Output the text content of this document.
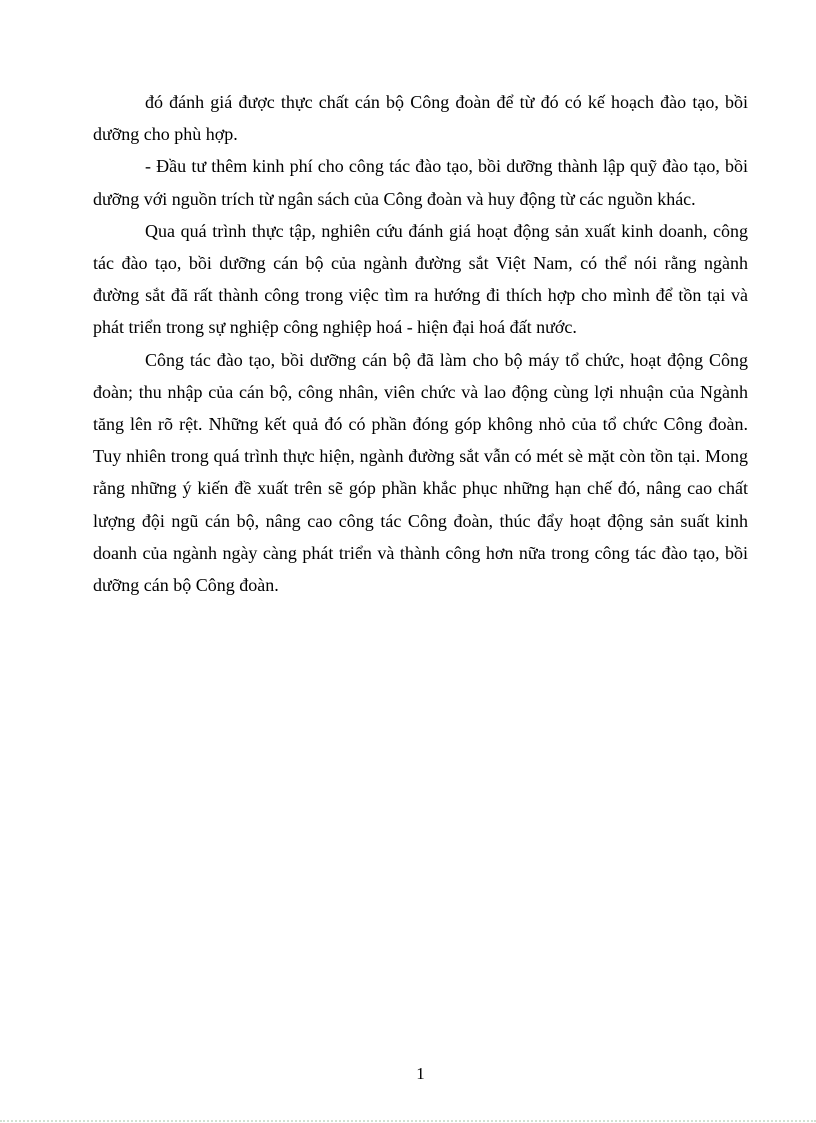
đó đánh giá được thực chất cán bộ Công đoàn để từ đó có kế hoạch đào tạo, bồi dưỡng cho phù hợp.

- Đầu tư thêm kinh phí cho công tác đào tạo, bồi dưỡng thành lập quỹ đào tạo, bồi dưỡng với nguồn trích từ ngân sách của Công đoàn và huy động từ các nguồn khác.

Qua quá trình thực tập, nghiên cứu đánh giá hoạt động sản xuất kinh doanh, công tác đào tạo, bồi dưỡng cán bộ của ngành đường sắt Việt Nam, có thể nói rằng ngành đường sắt đã rất thành công trong việc tìm ra hướng đi thích hợp cho mình để tồn tại và phát triển trong sự nghiệp công nghiệp hoá - hiện đại hoá đất nước.

Công tác đào tạo, bồi dưỡng cán bộ đã làm cho bộ máy tổ chức, hoạt động Công đoàn; thu nhập của cán bộ, công nhân, viên chức và lao động cùng lợi nhuận của Ngành tăng lên rõ rệt. Những kết quả đó có phần đóng góp không nhỏ của tổ chức Công đoàn. Tuy nhiên trong quá trình thực hiện, ngành đường sắt vẫn có mét sè mặt còn tồn tại. Mong rằng những ý kiến đề xuất trên sẽ góp phần khắc phục những hạn chế đó, nâng cao chất lượng đội ngũ cán bộ, nâng cao công tác Công đoàn, thúc đẩy hoạt động sản suất kinh doanh của ngành ngày càng phát triển và thành công hơn nữa trong công tác đào tạo, bồi dưỡng cán bộ Công đoàn.

1
